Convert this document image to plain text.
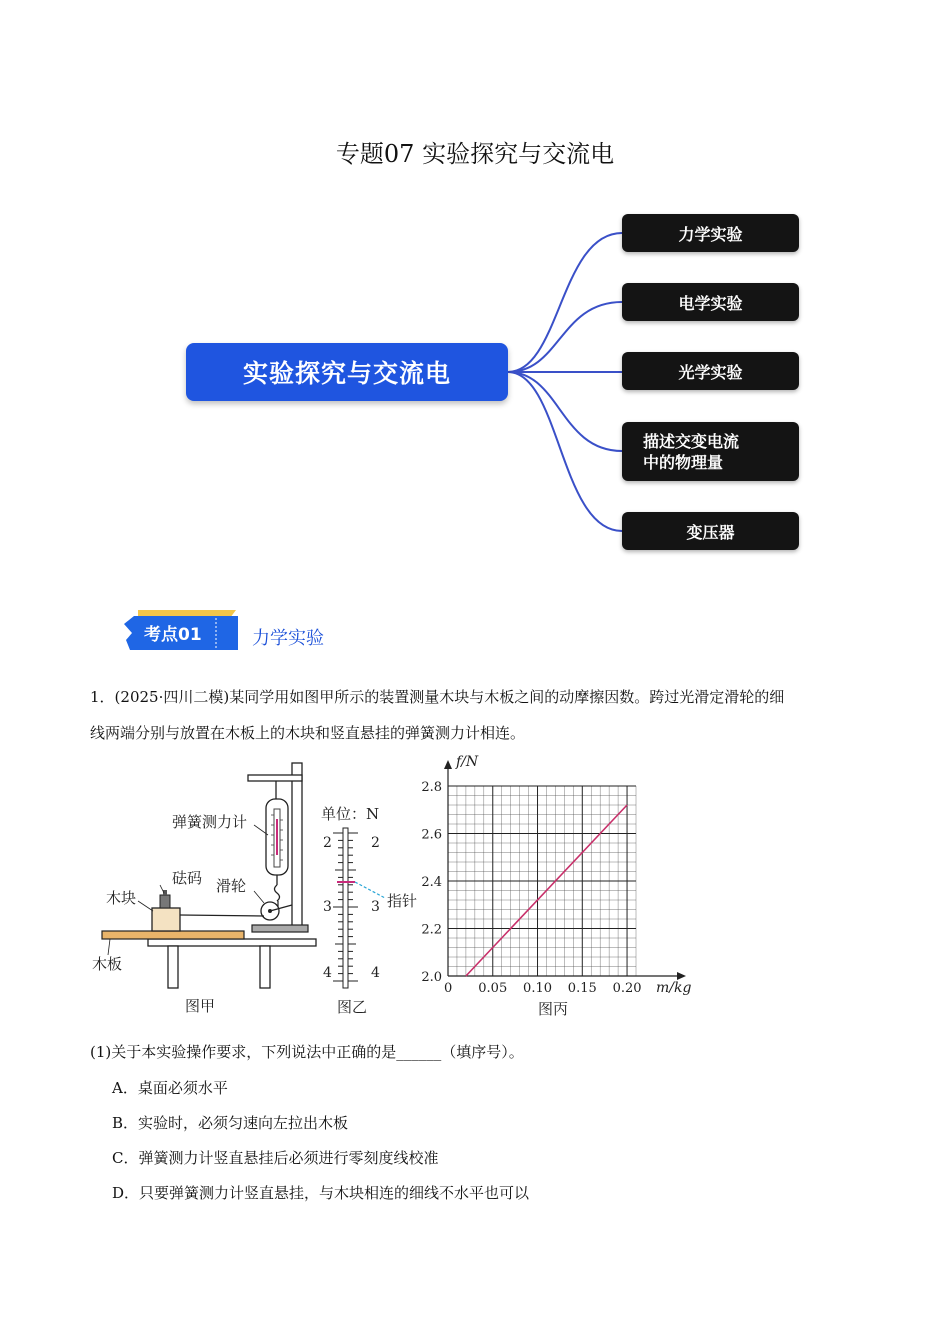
专题07 实验探究与交流电
实验探究与交流电
力学实验
电学实验
光学实验
描述交变电流
中的物理量
变压器
考点01	力学实验
1．(2025·四川二模)某同学用如图甲所示的装置测量木块与木板之间的动摩擦因数。跨过光滑定滑轮的细
线两端分别与放置在木板上的木块和竖直悬挂的弹簧测力计相连。
弹簧测力计
砝码 滑轮
木块
木板
图甲
单位：N
2
3
4
2
3
4
指针
图乙
2.0
2.2
2.4
2.6
2.8
0.05 0.10 0.15 0.20
f/N
m/kg
0
图丙
(1)关于本实验操作要求，下列说法中正确的是______（填序号）。
A．桌面必须水平
B．实验时，必须匀速向左拉出木板
C．弹簧测力计竖直悬挂后必须进行零刻度线校准
D．只要弹簧测力计竖直悬挂，与木块相连的细线不水平也可以
